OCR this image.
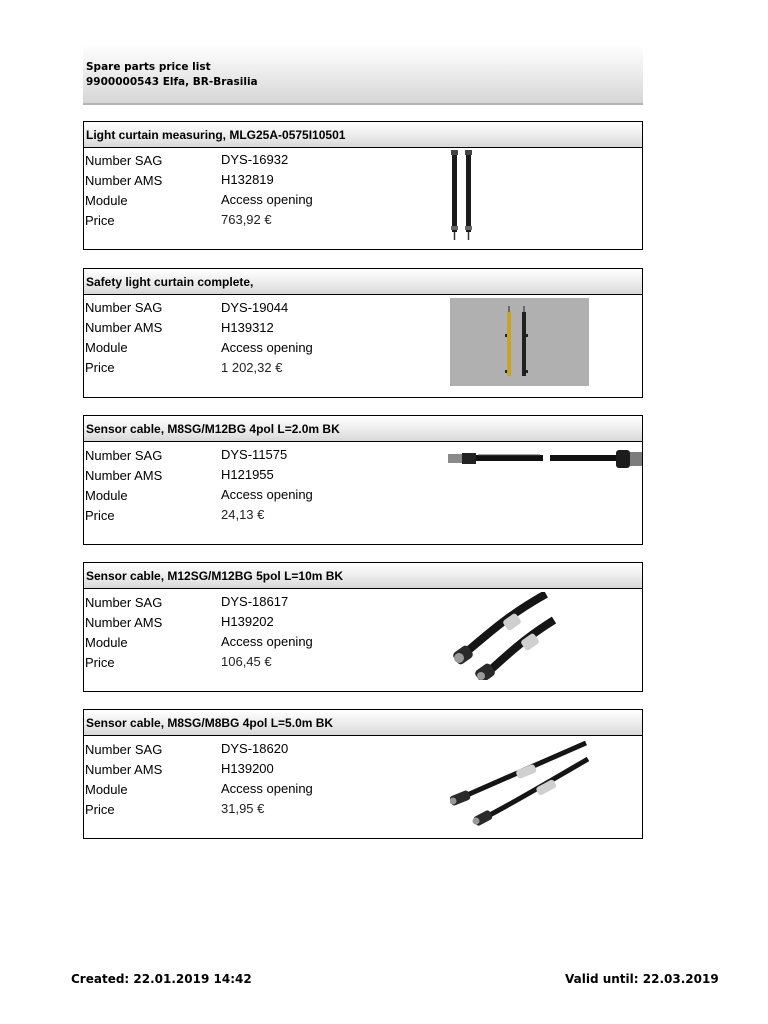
Spare parts price list
9900000543 Elfa, BR-Brasilia
Light curtain measuring, MLG25A-0575I10501
Number SAG
Number AMS
Module
Price
DYS-16932
H132819
Access opening
763,92 €
Safety light curtain complete,
Number SAG
Number AMS
Module
Price
DYS-19044
H139312
Access opening
1 202,32 €
Sensor cable, M8SG/M12BG 4pol L=2.0m BK
Number SAG
Number AMS
Module
Price
DYS-11575
H121955
Access opening
24,13 €
Sensor cable, M12SG/M12BG 5pol L=10m BK
Number SAG
Number AMS
Module
Price
DYS-18617
H139202
Access opening
106,45 €
Sensor cable, M8SG/M8BG 4pol L=5.0m BK
Number SAG
Number AMS
Module
Price
DYS-18620
H139200
Access opening
31,95 €
Created: 22.01.2019 14:42	Valid until: 22.03.2019
